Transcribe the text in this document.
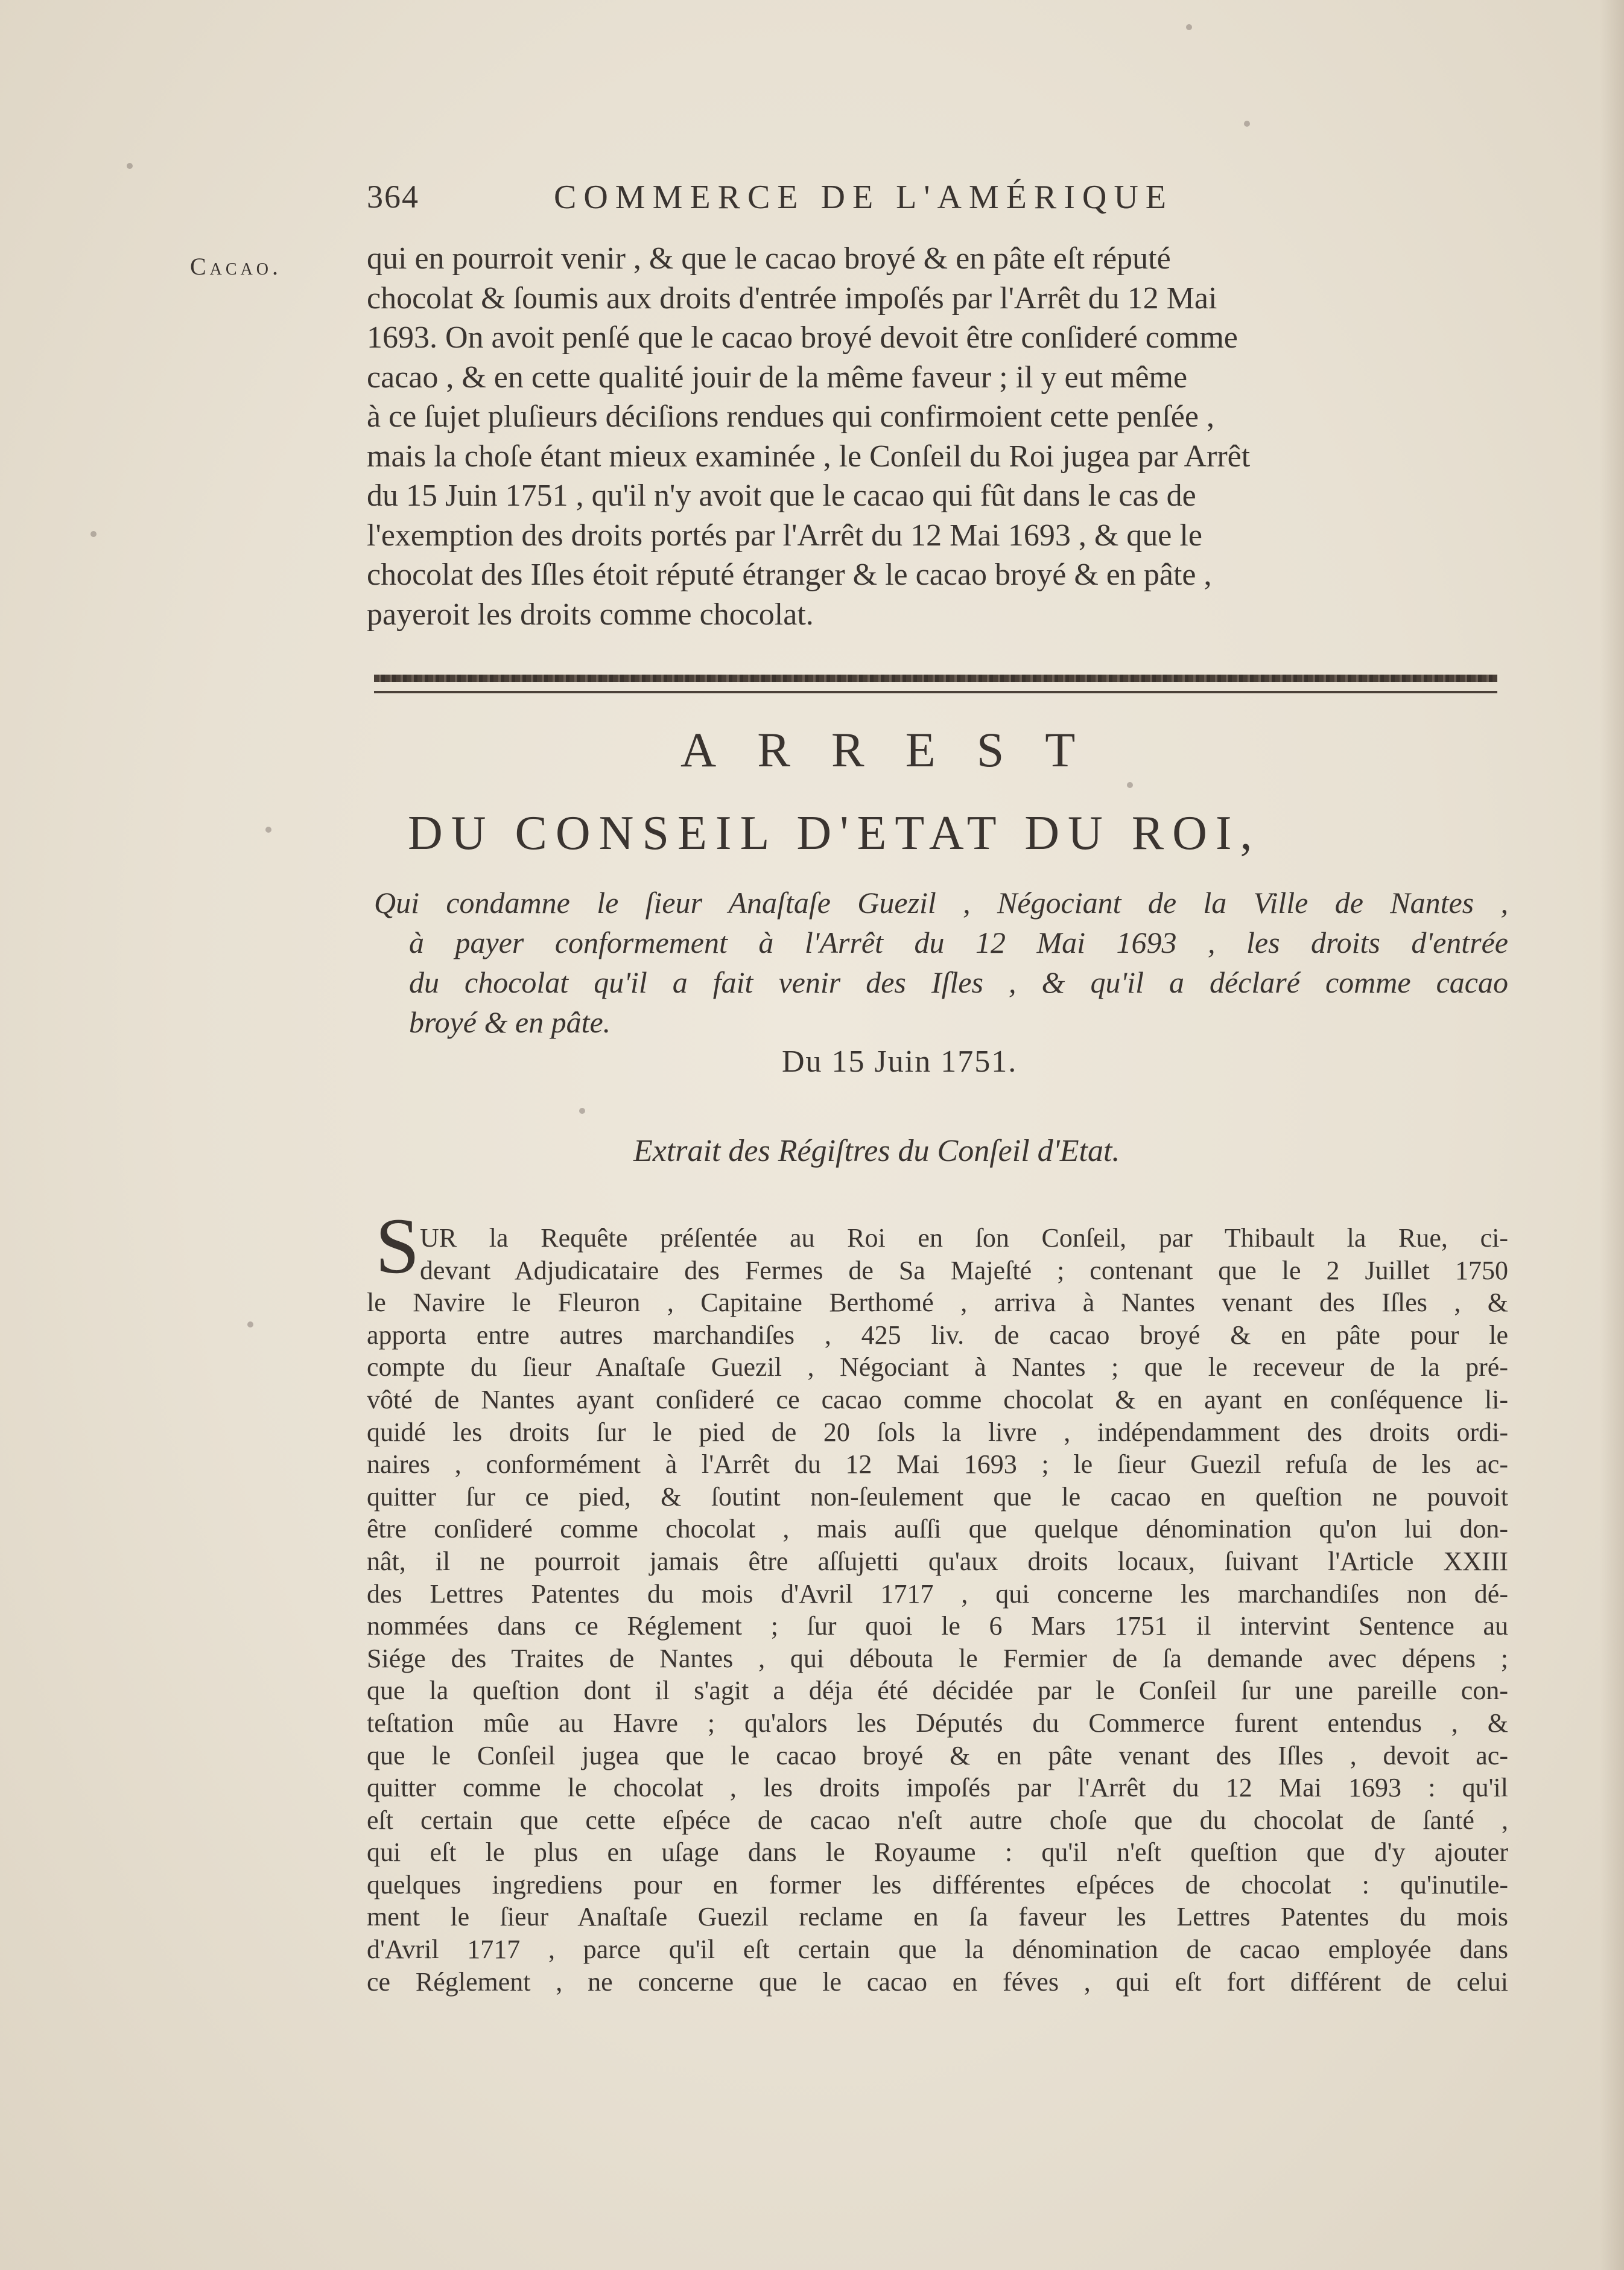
364	COMMERCE DE L'AMÉRIQUE
Cacao.	qui en pourroit venir , & que le cacao broyé & en pâte eſt réputé

chocolat & ſoumis aux droits d'entrée impoſés par l'Arrêt du 12 Mai

1693. On avoit penſé que le cacao broyé devoit être conſideré comme

cacao , & en cette qualité jouir de la même faveur ; il y eut même

à ce ſujet pluſieurs déciſions rendues qui confirmoient cette penſée ,

mais la choſe étant mieux examinée , le Conſeil du Roi jugea par Arrêt

du 15 Juin 1751 , qu'il n'y avoit que le cacao qui fût dans le cas de

l'exemption des droits portés par l'Arrêt du 12 Mai 1693 , & que le

chocolat des Iſles étoit réputé étranger & le cacao broyé & en pâte ,

payeroit les droits comme chocolat.

ARREST
DU CONSEIL D'ETAT DU ROI,
Qui condamne le ſieur Anaſtaſe Guezil , Négociant de la Ville de Nantes ,
à payer conformement à l'Arrêt du 12 Mai 1693 , les droits d'entrée
du chocolat qu'il a fait venir des Iſles , & qu'il a déclaré comme cacao
broyé & en pâte.
Du 15 Juin 1751.
Extrait des Régiſtres du Conſeil d'Etat.
S UR la Requête préſentée au Roi en ſon Conſeil, par Thibault la Rue, ci-
devant Adjudicataire des Fermes de Sa Majeſté ; contenant que le 2 Juillet 1750
le Navire le Fleuron , Capitaine Berthomé , arriva à Nantes venant des Iſles , &
apporta entre autres marchandiſes , 425 liv. de cacao broyé & en pâte pour le
compte du ſieur Anaſtaſe Guezil , Négociant à Nantes ; que le receveur de la pré-
vôté de Nantes ayant conſideré ce cacao comme chocolat & en ayant en conſéquence li-
quidé les droits ſur le pied de 20 ſols la livre , indépendamment des droits ordi-
naires , conformément à l'Arrêt du 12 Mai 1693 ; le ſieur Guezil refuſa de les ac-
quitter ſur ce pied, & ſoutint non-ſeulement que le cacao en queſtion ne pouvoit
être conſideré comme chocolat , mais auſſi que quelque dénomination qu'on lui don-
nât, il ne pourroit jamais être aſſujetti qu'aux droits locaux, ſuivant l'Article XXIII
des Lettres Patentes du mois d'Avril 1717 , qui concerne les marchandiſes non dé-
nommées dans ce Réglement ; ſur quoi le 6 Mars 1751 il intervint Sentence au
Siége des Traites de Nantes , qui débouta le Fermier de ſa demande avec dépens ;
que la queſtion dont il s'agit a déja été décidée par le Conſeil ſur une pareille con-
teſtation mûe au Havre ; qu'alors les Députés du Commerce furent entendus , &
que le Conſeil jugea que le cacao broyé & en pâte venant des Iſles , devoit ac-
quitter comme le chocolat , les droits impoſés par l'Arrêt du 12 Mai 1693 : qu'il
eſt certain que cette eſpéce de cacao n'eſt autre choſe que du chocolat de ſanté ,
qui eſt le plus en uſage dans le Royaume : qu'il n'eſt queſtion que d'y ajouter
quelques ingrediens pour en former les différentes eſpéces de chocolat : qu'inutile-
ment le ſieur Anaſtaſe Guezil reclame en ſa faveur les Lettres Patentes du mois
d'Avril 1717 , parce qu'il eſt certain que la dénomination de cacao employée dans
ce Réglement , ne concerne que le cacao en féves , qui eſt fort différent de celui
